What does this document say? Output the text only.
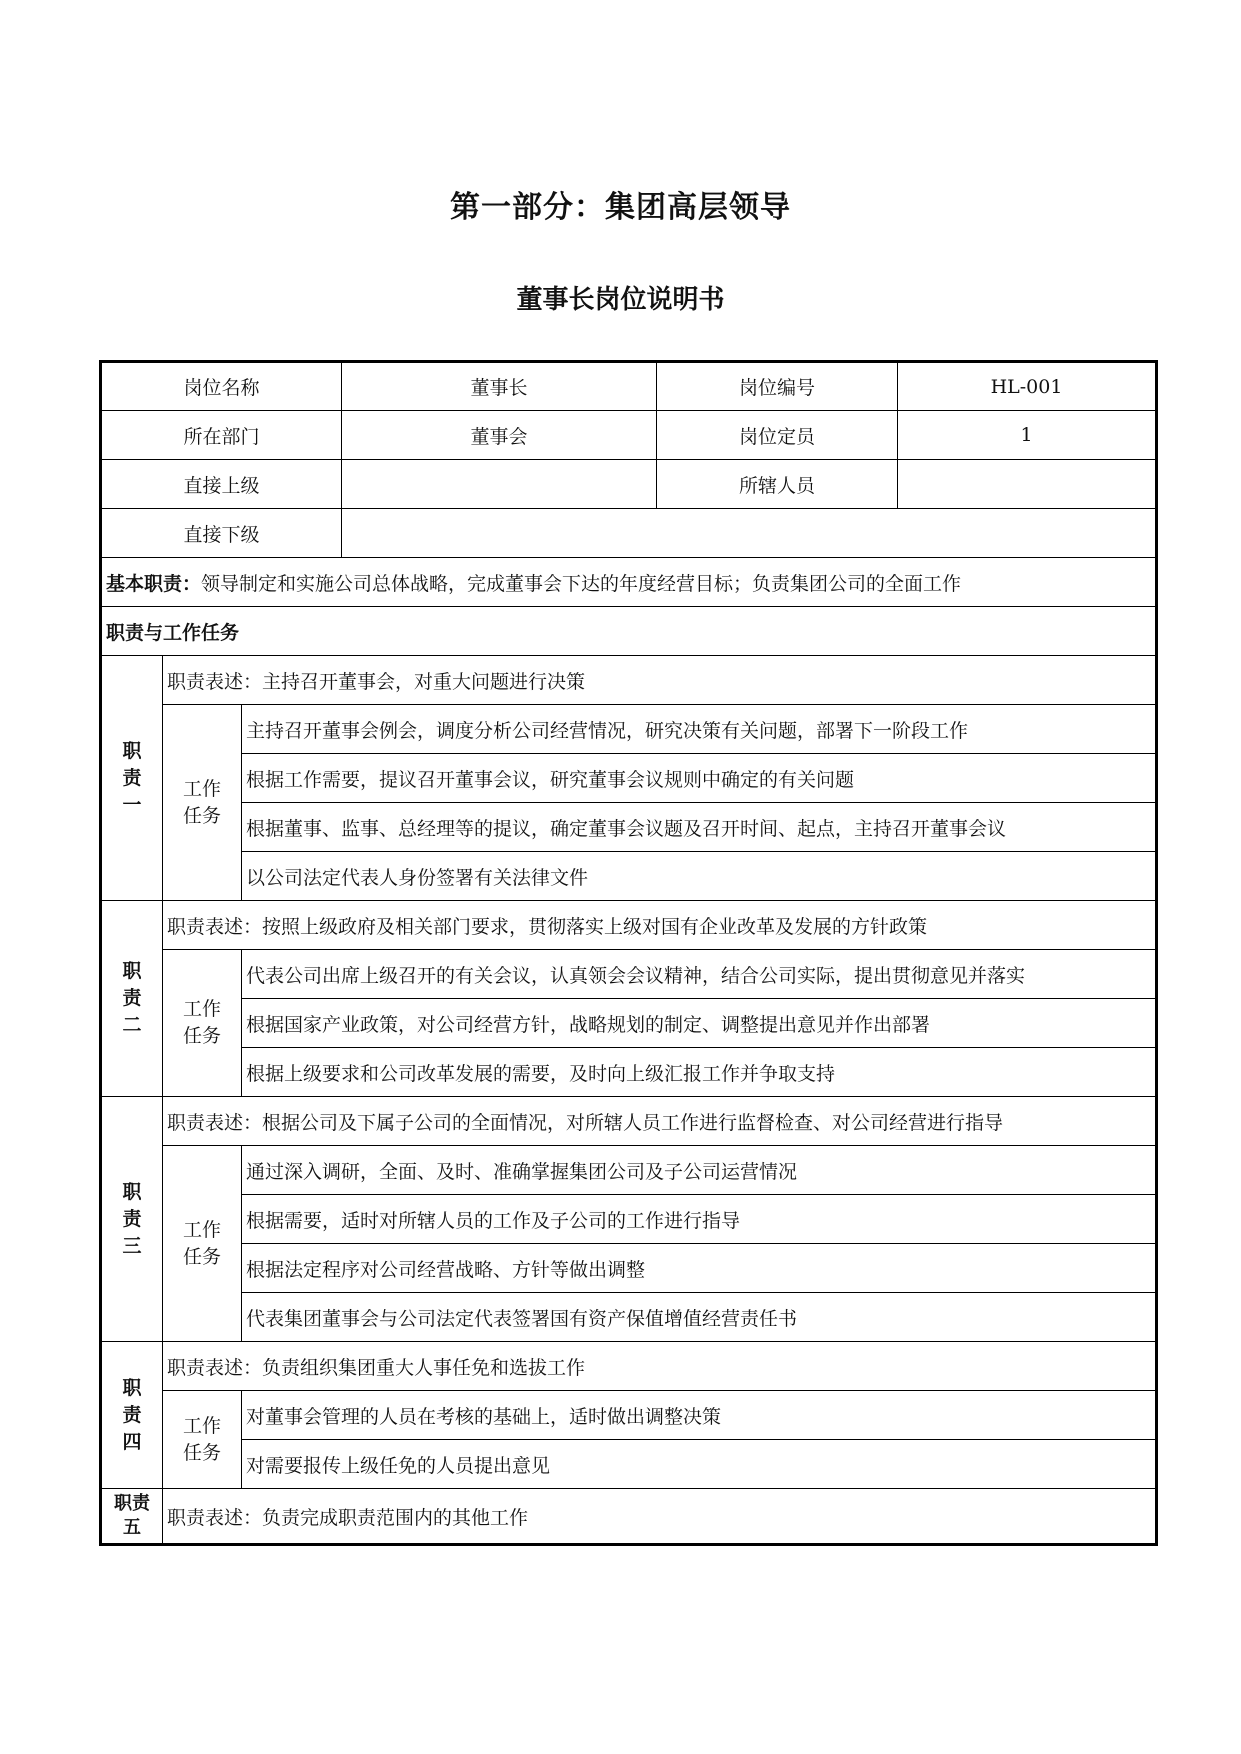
第一部分：集团高层领导
董事长岗位说明书
岗位名称			董事长	岗位编号	HL-001
所在部门			董事会	岗位定员	1
直接上级				所辖人员	
直接下级					
基本职责：领导制定和实施公司总体战略，完成董事会下达的年度经营目标；负责集团公司的全面工作					
职责与工作任务					

职
责
一	职责表述：主持召开董事会，对重大问题进行决策				

	工作
任务	主持召开董事会例会，调度分析公司经营情况，研究决策有关问题，部署下一阶段工作			
		根据工作需要，提议召开董事会议，研究董事会议规则中确定的有关问题			
		根据董事、监事、总经理等的提议，确定董事会议题及召开时间、起点，主持召开董事会议			
		以公司法定代表人身份签署有关法律文件			

职
责
二	职责表述：按照上级政府及相关部门要求，贯彻落实上级对国有企业改革及发展的方针政策				

	工作
任务	代表公司出席上级召开的有关会议，认真领会会议精神，结合公司实际，提出贯彻意见并落实			
		根据国家产业政策，对公司经营方针，战略规划的制定、调整提出意见并作出部署			
		根据上级要求和公司改革发展的需要，及时向上级汇报工作并争取支持			

职
责
三	职责表述：根据公司及下属子公司的全面情况，对所辖人员工作进行监督检查、对公司经营进行指导				

	工作
任务	通过深入调研，全面、及时、准确掌握集团公司及子公司运营情况			
		根据需要，适时对所辖人员的工作及子公司的工作进行指导			
		根据法定程序对公司经营战略、方针等做出调整			
		代表集团董事会与公司法定代表签署国有资产保值增值经营责任书			

职
责
四	职责表述：负责组织集团重大人事任免和选拔工作				

	工作
任务	对董事会管理的人员在考核的基础上，适时做出调整决策			
		对需要报传上级任免的人员提出意见			

职责
五	职责表述：负责完成职责范围内的其他工作				
